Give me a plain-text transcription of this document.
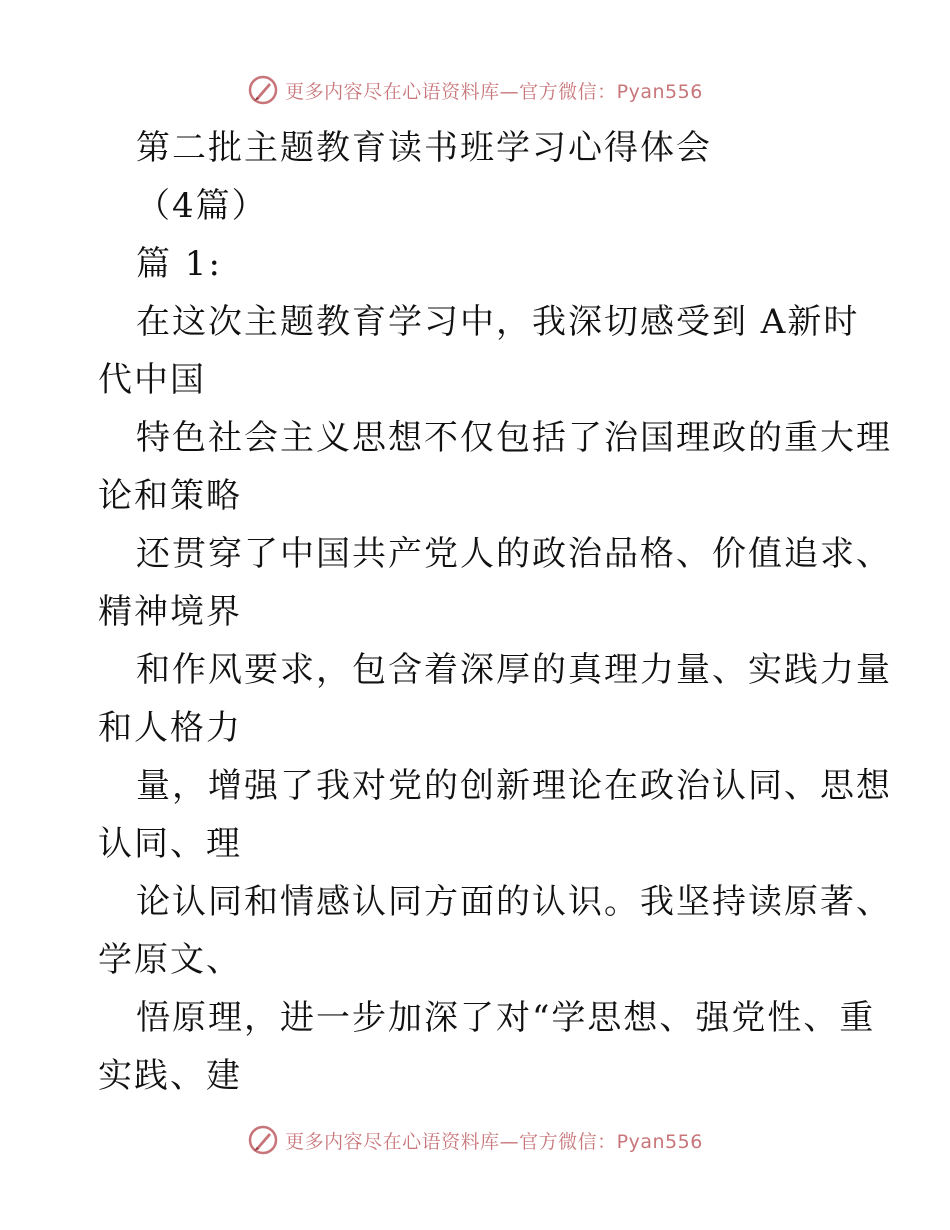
更多内容尽在心语资料库—官方微信：Pyan556
第二批主题教育读书班学习心得体会
（4篇）
篇 1:
在这次主题教育学习中，我深切感受到 A新时
代中国
特色社会主义思想不仅包括了治国理政的重大理
论和策略
还贯穿了中国共产党人的政治品格、价值追求、
精神境界
和作风要求，包含着深厚的真理力量、实践力量
和人格力
量，增强了我对党的创新理论在政治认同、思想
认同、理
论认同和情感认同方面的认识。我坚持读原著、
学原文、
悟原理，进一步加深了对“学思想、强党性、重
实践、建
更多内容尽在心语资料库—官方微信：Pyan556
